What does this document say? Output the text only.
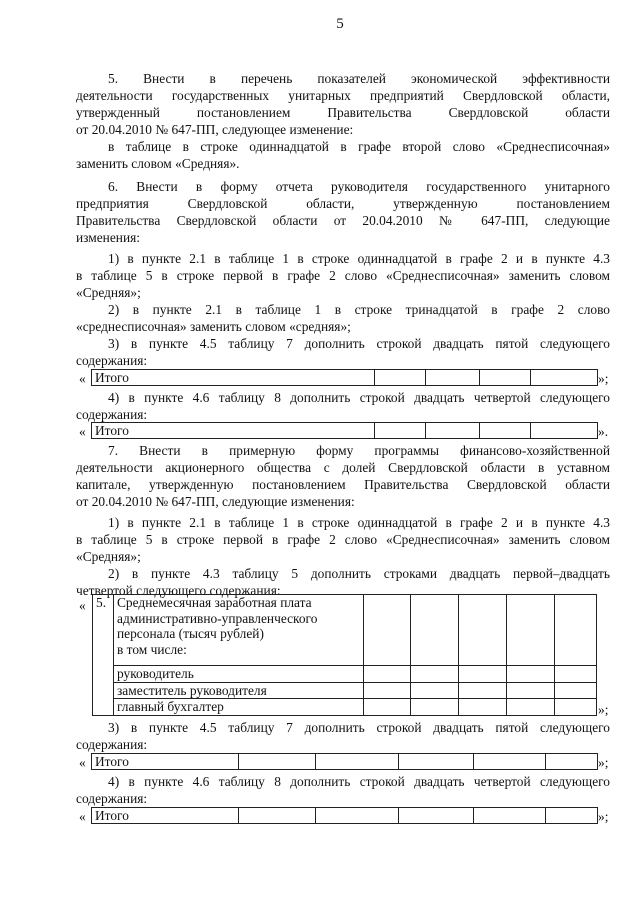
5

5. Внести в перечень показателей экономической эффективности

деятельности государственных унитарных предприятий Свердловской области,

утвержденный постановлением Правительства Свердловской области

от 20.04.2010 № 647-ПП, следующее изменение:

в таблице в строке одиннадцатой в графе второй слово «Среднесписочная»

заменить словом «Средняя».

6. Внести в форму отчета руководителя государственного унитарного

предприятия Свердловской области, утвержденную постановлением

Правительства Свердловской области от 20.04.2010 № 647-ПП, следующие

изменения:

1) в пункте 2.1 в таблице 1 в строке одиннадцатой в графе 2 и в пункте 4.3

в таблице 5 в строке первой в графе 2 слово «Среднесписочная» заменить словом

«Средняя»;

2) в пункте 2.1 в таблице 1 в строке тринадцатой в графе 2 слово

«среднесписочная» заменить словом «средняя»;

3) в пункте 4.5 таблицу 7 дополнить строкой двадцать пятой следующего

содержания:

« Итого					»;

4) в пункте 4.6 таблицу 8 дополнить строкой двадцать четвертой следующего

содержания:

« Итого					».

7. Внести в примерную форму программы финансово-хозяйственной

деятельности акционерного общества с долей Свердловской области в уставном

капитале, утвержденную постановлением Правительства Свердловской области

от 20.04.2010 № 647-ПП, следующие изменения:

1) в пункте 2.1 в таблице 1 в строке одиннадцатой в графе 2 и в пункте 4.3

в таблице 5 в строке первой в графе 2 слово «Среднесписочная» заменить словом

«Средняя»;

2) в пункте 4.3 таблицу 5 дополнить строками двадцать первой–двадцать

четвертой следующего содержания:

« 5.	Среднемесячная заработная плата
административно-управленческого
персонала (тысяч рублей)
в том числе:					

	руководитель					
	заместитель руководителя					
	главный бухгалтер						»;

3) в пункте 4.5 таблицу 7 дополнить строкой двадцать пятой следующего

содержания:

« Итого						»;

4) в пункте 4.6 таблицу 8 дополнить строкой двадцать четвертой следующего

содержания:

« Итого						»;
